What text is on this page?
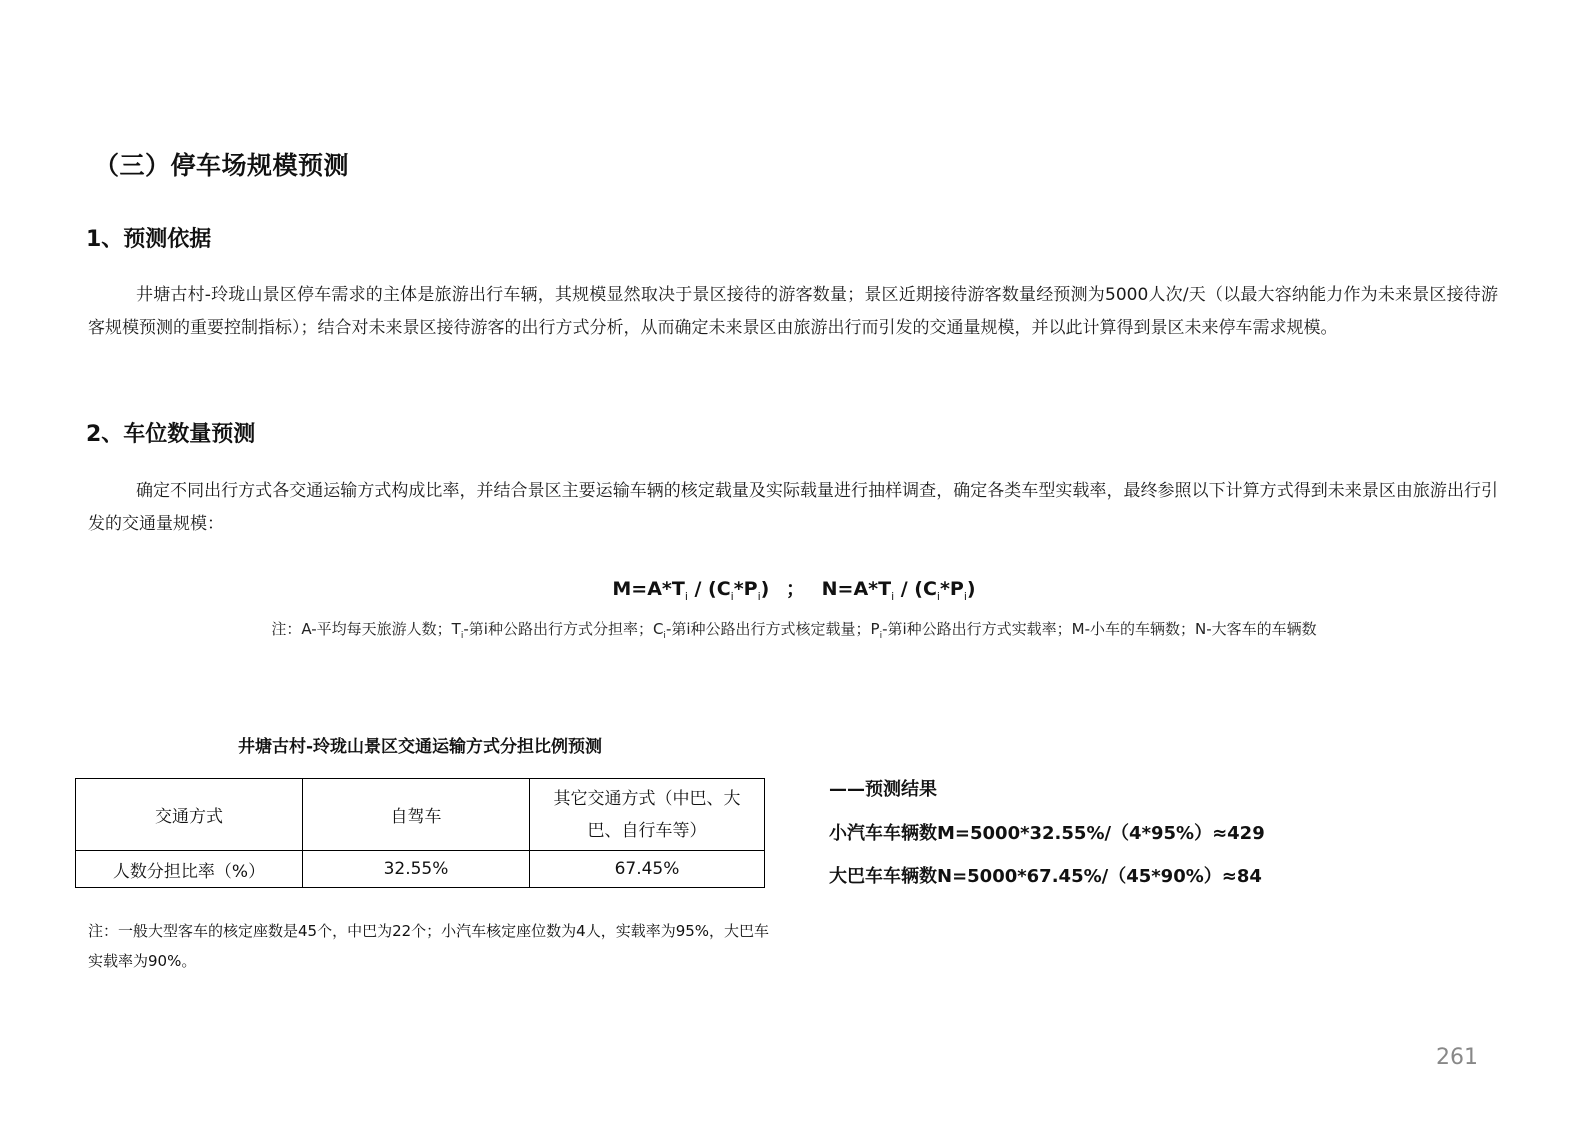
（三）停车场规模预测
1、预测依据
井塘古村-玲珑山景区停车需求的主体是旅游出行车辆，其规模显然取决于景区接待的游客数量；景区近期接待游客数量经预测为5000人次/天（以最大容纳能力作为未来景区接待游客规模预测的重要控制指标）；结合对未来景区接待游客的出行方式分析，从而确定未来景区由旅游出行而引发的交通量规模，并以此计算得到景区未来停车需求规模。
2、车位数量预测
确定不同出行方式各交通运输方式构成比率，并结合景区主要运输车辆的核定载量及实际载量进行抽样调查，确定各类车型实载率，最终参照以下计算方式得到未来景区由旅游出行引发的交通量规模：
$M=A*T_i / (C_i*P_i)$ ； $N=A*T_i / (C_i*P_i)$
注：A-平均每天旅游人数；$T_i-$第i种公路出行方式分担率；$C_i-$第i种公路出行方式核定载量；$P_i-$第i种公路出行方式实载率；M-小车的车辆数；N-大客车的车辆数
井塘古村-玲珑山景区交通运输方式分担比例预测
交通方式	自驾车	其它交通方式（中巴、大巴、自行车等）
人数分担比率（%）	32.55%	67.45%
注：一般大型客车的核定座数是45个，中巴为22个；小汽车核定座位数为4人，实载率为95%，大巴车实载率为90%。
——预测结果
小汽车车辆数M=5000*32.55%/（4*95%）≈429
大巴车车辆数N=5000*67.45%/（45*90%）≈84
261
